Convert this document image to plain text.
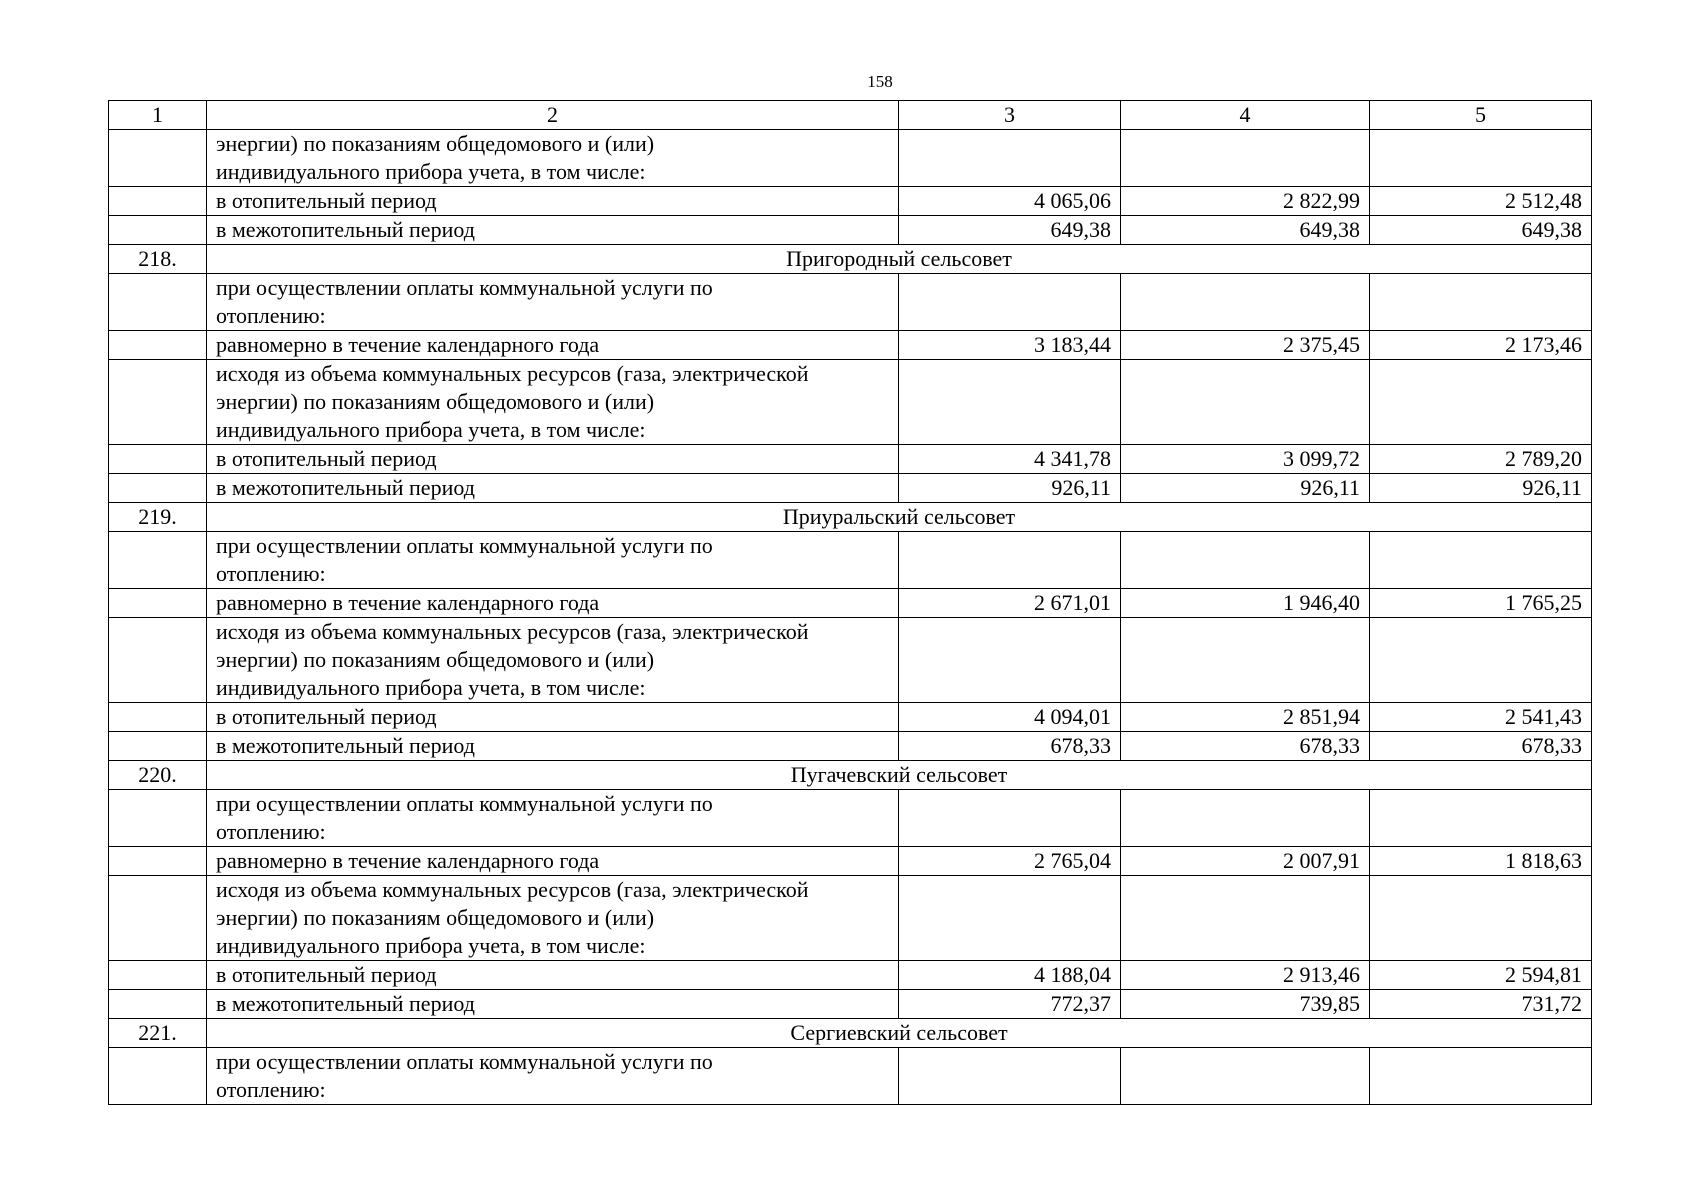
158
1	2	3	4	5
	энергии) по показаниям общедомового и (или)
индивидуального прибора учета, в том числе:			
	в отопительный период	4 065,06	2 822,99	2 512,48
	в межотопительный период	649,38	649,38	649,38
218.	Пригородный сельсовет			
	при осуществлении оплаты коммунальной услуги по
отоплению:			
	равномерно в течение календарного года	3 183,44	2 375,45	2 173,46
	исходя из объема коммунальных ресурсов (газа, электрической
энергии) по показаниям общедомового и (или)
индивидуального прибора учета, в том числе:			
	в отопительный период	4 341,78	3 099,72	2 789,20
	в межотопительный период	926,11	926,11	926,11
219.	Приуральский сельсовет			
	при осуществлении оплаты коммунальной услуги по
отоплению:			
	равномерно в течение календарного года	2 671,01	1 946,40	1 765,25
	исходя из объема коммунальных ресурсов (газа, электрической
энергии) по показаниям общедомового и (или)
индивидуального прибора учета, в том числе:			
	в отопительный период	4 094,01	2 851,94	2 541,43
	в межотопительный период	678,33	678,33	678,33
220.	Пугачевский сельсовет			
	при осуществлении оплаты коммунальной услуги по
отоплению:			
	равномерно в течение календарного года	2 765,04	2 007,91	1 818,63
	исходя из объема коммунальных ресурсов (газа, электрической
энергии) по показаниям общедомового и (или)
индивидуального прибора учета, в том числе:			
	в отопительный период	4 188,04	2 913,46	2 594,81
	в межотопительный период	772,37	739,85	731,72
221.	Сергиевский сельсовет			
	при осуществлении оплаты коммунальной услуги по
отоплению:			
